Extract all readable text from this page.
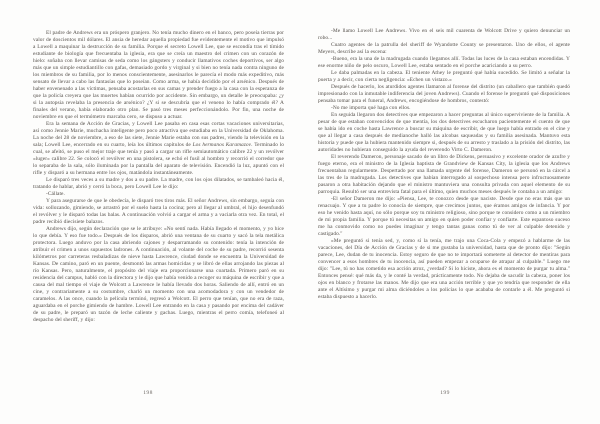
El padre de Andrews era un próspero granjero. No tenía mucho dinero en el banco, pero poseía tierras por valor de doscientos mil dólares. El ansia de heredar aquella propiedad fue evidentemente el motivo que impulsó a Lowell a maquinar la destrucción de su familia. Porque el secreto Lowell Lee, que se escondía tras el tímido estudiante de biología que frecuentaba la iglesia, era que se creía un maestro del crimen con un corazón de hielo: soñaba con llevar camisas de seda como los gángsters y conducir llamativos coches deportivos, ser algo más que un simple estudiantillo con gafas, demasiado gordo y virginal y si bien no tenía nada contra ninguno de los miembros de su familia, por lo menos conscientemente, asesinarlos le parecía el modo más expeditivo, más sensato de llevar a cabo las fantasías que lo poseían. Como arma, se había decidido por el arsénico. Después de haber envenenado a las víctimas, pensaba acostarlas en sus camas y prender fuego a la casa con la esperanza de que la policía creyera que las muertes habían ocurrido por accidente. Sin embargo, un detalle le preocupaba: ¿y si la autopsia revelaba la presencia de arsénico? ¿Y si se descubría que el veneno lo había comprado él? A finales del verano, había elaborado otro plan. Se pasó tres meses perfeccionándolo. Por fin, una noche de noviembre en que el termómetro marcaba cero, se dispuso a actuar.

Era la semana de Acción de Gracias, y Lowell Lee pasaba en casa esas cortas vacaciones universitarias, así como Jennie Marie, muchacha inteligente pero poco atractiva que estudiaba en la Universidad de Oklahoma. La noche del 28 de noviembre, a eso de las siete, Jennie Marie estaba con sus padres, viendo la televisión en la sala; Lowell Lee, encerrado en su cuarto, leía los últimos capítulos de Los hermanos Karamazov. Terminado lo cual, se afeitó, se puso el mejor traje que tenía y pasó a cargar un rifle semiautomático calibre 22 y un revólver «luger» calibre 22. Se colocó el revólver en una pistolera, se echó el fusil al hombro y recorrió el corredor que lo separaba de la sala, sólo iluminada por la pantalla del aparato de televisión. Encendió la luz, apuntó con el rifle y disparó a su hermana entre los ojos, matándola instantáneamente.

Le disparó tres veces a su madre y dos a su padre. La madre, con los ojos dilatados, se tambaleó hacia él, tratando de hablar, abrió y cerró la boca, pero Lowell Lee le dijo:

-Cállate.

Y para asegurarse de que le obedecía, le disparó tres tiros más. El señor Andrews, sin embargo, seguía con vida: sollozando, gimiendo, se arrastró por el suelo hasta la cocina; pero al llegar al umbral, el hijo desenfundó el revólver y le disparó todas las balas. A continuación volvió a cargar el arma y a vaciarla otra vez. En total, el padre recibió diecisiete balazos.

Andrews dijo, según declaración que se le atribuye: «No sentí nada. Había llegado el momento, y yo hice lo que debía. Y eso fue todo.» Después de los disparos, abrió una ventana de su cuarto y sacó la tela metálica protectora. Luego anduvo por la casa abriendo cajones y desparramando su contenido: tenía la intención de atribuir el crimen a unos supuestos ladrones. A continuación, al volante del coche de su padre, recorrió sesenta kilómetros por carreteras resbaladizas de nieve hasta Lawrence, ciudad donde se encuentra la Universidad de Kansas. De camino, paró en un puente, desmontó las armas homicidas y se libró de ellas arrojando las piezas al río Kansas. Pero, naturalmente, el propósito del viaje era proporcionarse una coartada. Primero paró en su residencia del campus, habló con la directora y le dijo que había venido a recoger su máquina de escribir y que a causa del mal tiempo el viaje de Wolcott a Lawrence le había llevado dos horas. Saliendo de allí, entró en un cine, y contrariamente a su costumbre, charló un momento con una acomodadora y con un vendedor de caramelos. A las once, cuando la película terminó, regresó a Wolcott. El perro que tenían, que no era de raza, aguardaba en el porche gimiendo de hambre. Lowell Lee entrando en la casa y pasando por encima del cadáver de su padre, le preparó un tazón de leche caliente y gachas. Luego, mientras el perro comía, telefoneó al despacho del sheriff, y dijo:

-Me llamo Lowell Lee Andrews. Vivo en el seis mil cuarenta de Wolcott Drive y quiero denunciar un robo...

Cuatro agentes de la patrulla del sheriff de Wyandotte County se presentaron. Uno de ellos, el agente Meyers, describe así la escena:

-Bueno, era la una de la madrugada cuando llegamos allí. Todas las luces de la casa estaban encendidas. Y ese enorme niño de pelo oscuro, Lowell Lee, estaba sentado en el porche acariciando a su perro.

Le daba palmadas en la cabeza. El teniente Athey le preguntó qué había sucedido. Se limitó a señalar la puerta y a decir, con cierta negligencia: «Echen un vistazo.»

Después de hacerlo, los aturdidos agentes llamaron al forense del distrito (un caballero que también quedó impresionado con la inmutable indiferencia del joven Andrews). Cuando el forense le preguntó qué disposiciones pensaba tomar para el funeral, Andrews, encogiéndose de hombros, contestó:

-No me importa qué haga con ellos.

En seguida llegaron dos detectives que empezaron a hacer preguntas al único superviviente de la familia. A pesar de que estaban convencidos de que mentía, los dos detectives escucharon pacientemente el cuento de que se había ido en coche hasta Lawrence a buscar su máquina de escribir, de que luego había entrado en el cine y que al llegar a casa después de medianoche halló las alcobas saqueadas y su familia asesinada. Mantuvo esta historia y puede que la hubiera mantenido siempre si, después de su arresto y traslado a la prisión del distrito, las autoridades no hubieran conseguido la ayuda del reverendo Virto C. Dameron.

El reverendo Dameron, personaje sacado de un libro de Dickens, persuasivo y excelente orador de azufre y fuego eterno, era el ministro de la Iglesia baptista de Grandview de Kansas City, la iglesia que los Andrews frecuentaban regularmente. Despertado por una llamada urgente del forense, Dameron se personó en la cárcel a las tres de la madrugada. Los detectives que habían interrogado al sospechoso intensa pero infructuosamente pasaron a otra habitación dejando que el ministro mantuviera una consulta privada con aquel elemento de su parroquia. Resultó ser una entrevista fatal para el último, quien muchos meses después le contaba a un amigo:

-El señor Dameron me dijo: «Piensa, Lee, te conozco desde que naciste. Desde que no eras más que un renacuajo. Y que a tu padre lo conocía de siempre, que crecimos juntos, que éramos amigos de infancia. Y por eso he venido hasta aquí, no sólo porque soy tu ministro religioso, sino porque te considero como a un miembro de mi propia familia. Y porque tú necesitas un amigo en quien poder confiar y confiarte. Este espantoso suceso me ha conmovido como no puedes imaginar y tengo tantas ganas como tú de ver al culpable detenido y castigado."

»Me preguntó si tenía sed, y, como sí la tenía, me trajo una Coca-Cola y empezó a hablarme de las vacaciones, del Día de Acción de Gracias y de si me gustaba la universidad, hasta que de pronto dijo: "Según parece, Lee, dudan de tu inocencia. Estoy seguro de que no te importará someterte al detector de mentiras para convencer a esos hombres de tu inocencia, así pueden empezar a ocuparse de atrapar al culpable." Luego me dijo: "Lee, tú no has cometido esa acción atroz, ¿verdad? Si lo hiciste, ahora es el momento de purgar tu alma." Entonces pensé: qué más da, y le conté la verdad, prácticamente todo. No dejaba de sacudir la cabeza, poner los ojos en blanco y frotarse las manos. Me dijo que era una acción terrible y que yo tendría que responder de ella ante el Altísimo y purgar mi alma diciéndoles a los policías lo que acababa de contarle a él. Me preguntó si estaba dispuesto a hacerlo.

198	199
